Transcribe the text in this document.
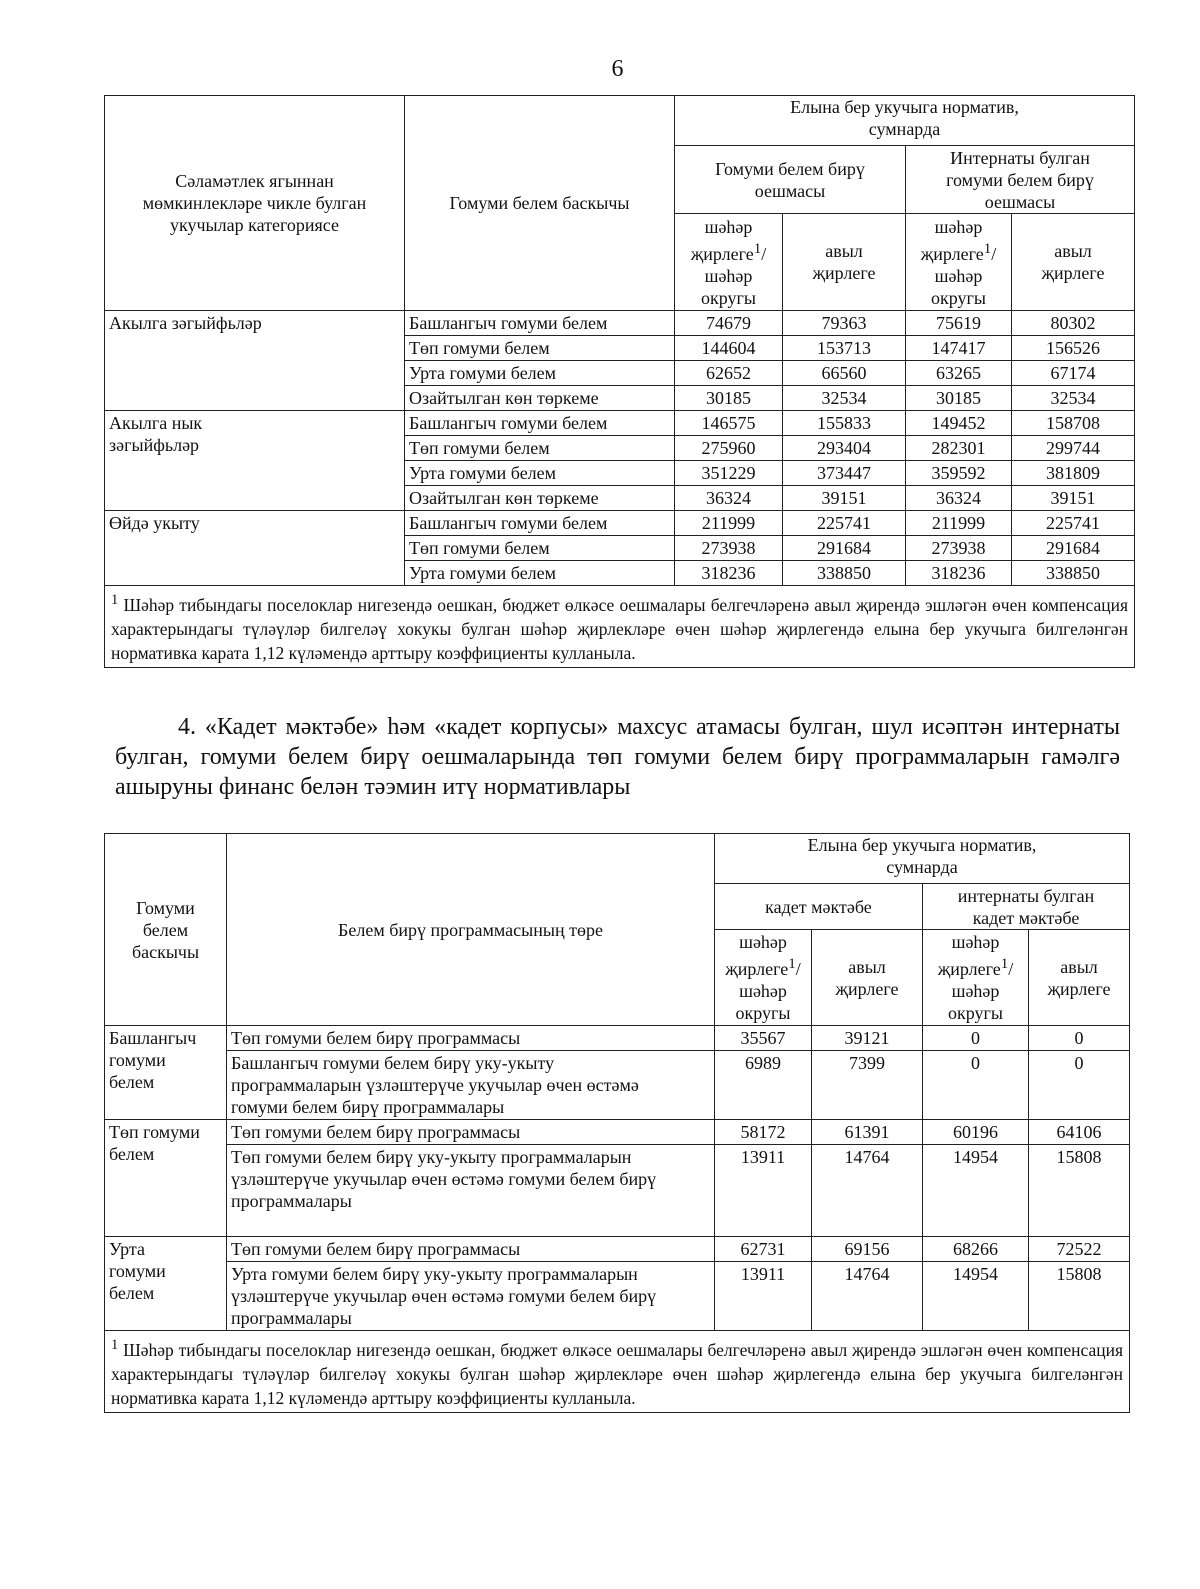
6
Сәламәтлек ягыннан мөмкинлекләре чикле булган укучылар категориясе	Гомуми белем баскычы	Елына бер укучыга норматив, сумнарда			
		Гомуми белем бирү оешмасы		Интернаты булган гомуми белем бирү оешмасы	
		шәһәр җирлеге$^1$/ шәһәр округы	авыл җирлеге	шәһәр җирлеге$^1$/ шәһәр округы	авыл җирлеге
Акылга зәгыйфьләр	Башлангыч гомуми белем	74679	79363	75619	80302
	Төп гомуми белем	144604	153713	147417	156526
	Урта гомуми белем	62652	66560	63265	67174
	Озайтылган көн төркеме	30185	32534	30185	32534
Акылга нык зәгыйфьләр	Башлангыч гомуми белем	146575	155833	149452	158708
	Төп гомуми белем	275960	293404	282301	299744
	Урта гомуми белем	351229	373447	359592	381809
	Озайтылган көн төркеме	36324	39151	36324	39151
Өйдә укыту	Башлангыч гомуми белем	211999	225741	211999	225741
	Төп гомуми белем	273938	291684	273938	291684
	Урта гомуми белем	318236	338850	318236	338850
$^1$ Шәһәр тибындагы поселоклар нигезендә оешкан, бюджет өлкәсе оешмалары белгечләренә авыл җирендә эшләгән өчен компенсация характерындагы түләүләр билгеләү хокукы булган шәһәр җирлекләре өчен шәһәр җирлегендә елына бер укучыга билгеләнгән нормативка карата 1,12 күләмендә арттыру коэффициенты кулланыла.					
4. «Кадет мәктәбе» һәм «кадет корпусы» махсус атамасы булган, шул исәптән интернаты булган, гомуми белем бирү оешмаларында төп гомуми белем бирү программаларын гамәлгә ашыруны финанс белән тәэмин итү нормативлары
Гомуми белем баскычы	Белем бирү программасының төре	Елына бер укучыга норматив, сумнарда			
		кадет мәктәбе		интернаты булган кадет мәктәбе	
		шәһәр җирлеге$^1$/ шәһәр округы	авыл җирлеге	шәһәр җирлеге$^1$/ шәһәр округы	авыл җирлеге
Башлангыч гомуми белем	Төп гомуми белем бирү программасы	35567	39121	0	0
	Башлангыч гомуми белем бирү уку-укыту программаларын үзләштерүче укучылар өчен өстәмә гомуми белем бирү программалары	6989	7399	0	0
Төп гомуми белем	Төп гомуми белем бирү программасы	58172	61391	60196	64106
	Төп гомуми белем бирү уку-укыту программаларын үзләштерүче укучылар өчен өстәмә гомуми белем бирү программалары	13911	14764	14954	15808
Урта гомуми белем	Төп гомуми белем бирү программасы	62731	69156	68266	72522
	Урта гомуми белем бирү уку-укыту программаларын үзләштерүче укучылар өчен өстәмә гомуми белем бирү программалары	13911	14764	14954	15808
$^1$ Шәһәр тибындагы поселоклар нигезендә оешкан, бюджет өлкәсе оешмалары белгечләренә авыл җирендә эшләгән өчен компенсация характерындагы түләүләр билгеләү хокукы булган шәһәр җирлекләре өчен шәһәр җирлегендә елына бер укучыга билгеләнгән нормативка карата 1,12 күләмендә арттыру коэффициенты кулланыла.					
